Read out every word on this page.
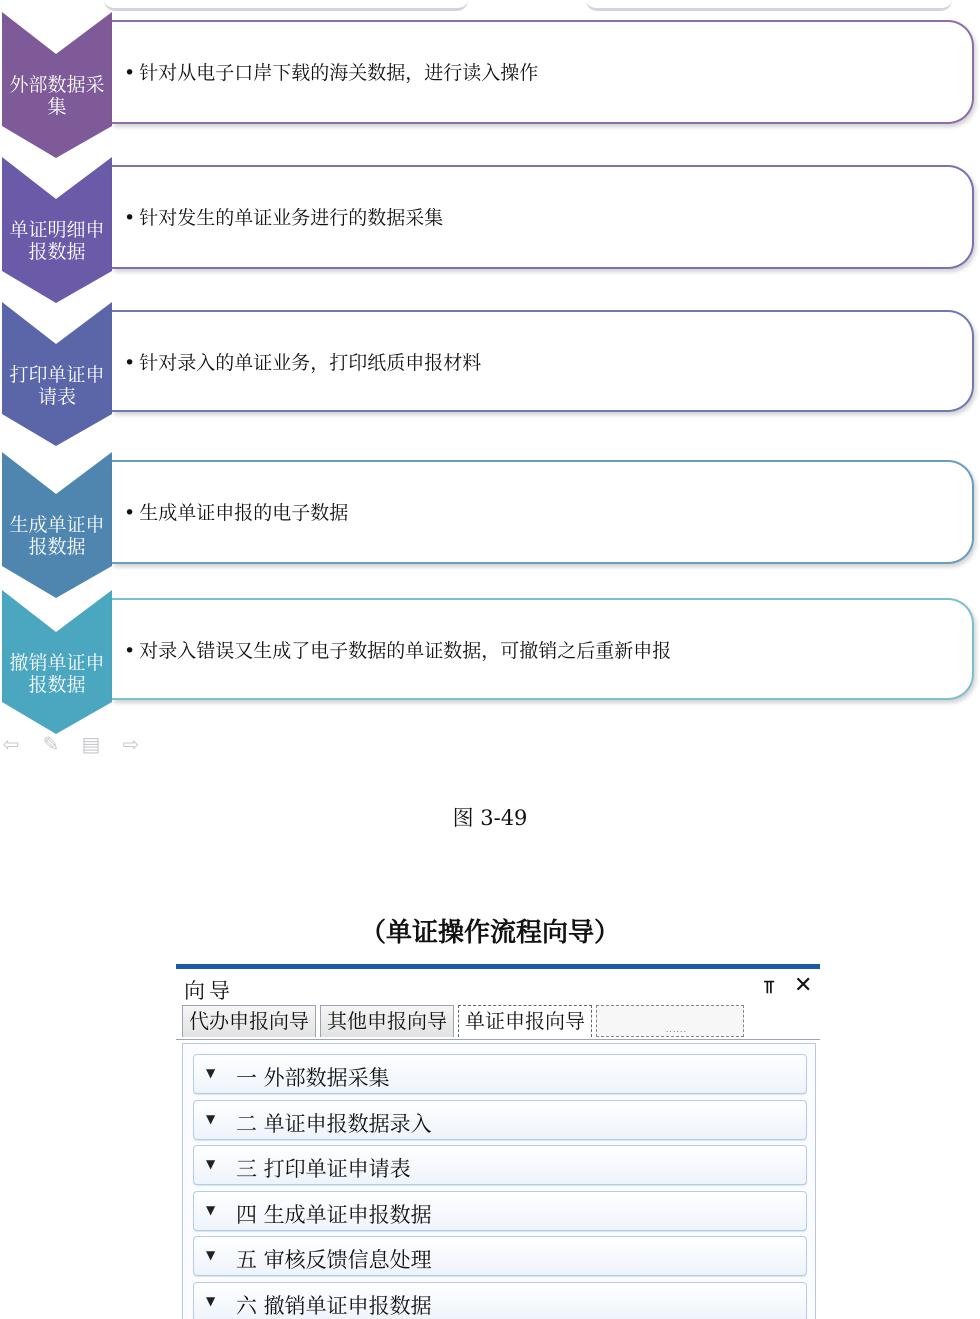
外部数据采
集
• 针对从电子口岸下载的海关数据，进行读入操作
单证明细申
报数据
• 针对发生的单证业务进行的数据采集
打印单证申
请表
• 针对录入的单证业务，打印纸质申报材料
生成单证申
报数据
• 生成单证申报的电子数据
撤销单证申
报数据
• 对录入错误又生成了电子数据的单证数据，可撤销之后重新申报
⇦ ✎ ▤ ⇨
图 3-49
（单证操作流程向导）
向导	⫪ ✕
代办申报向导 其他申报向导 单证申报向导	......
▼ 一 外部数据采集
▼ 二 单证申报数据录入
▼ 三 打印单证申请表
▼ 四 生成单证申报数据
▼ 五 审核反馈信息处理
▼ 六 撤销单证申报数据
